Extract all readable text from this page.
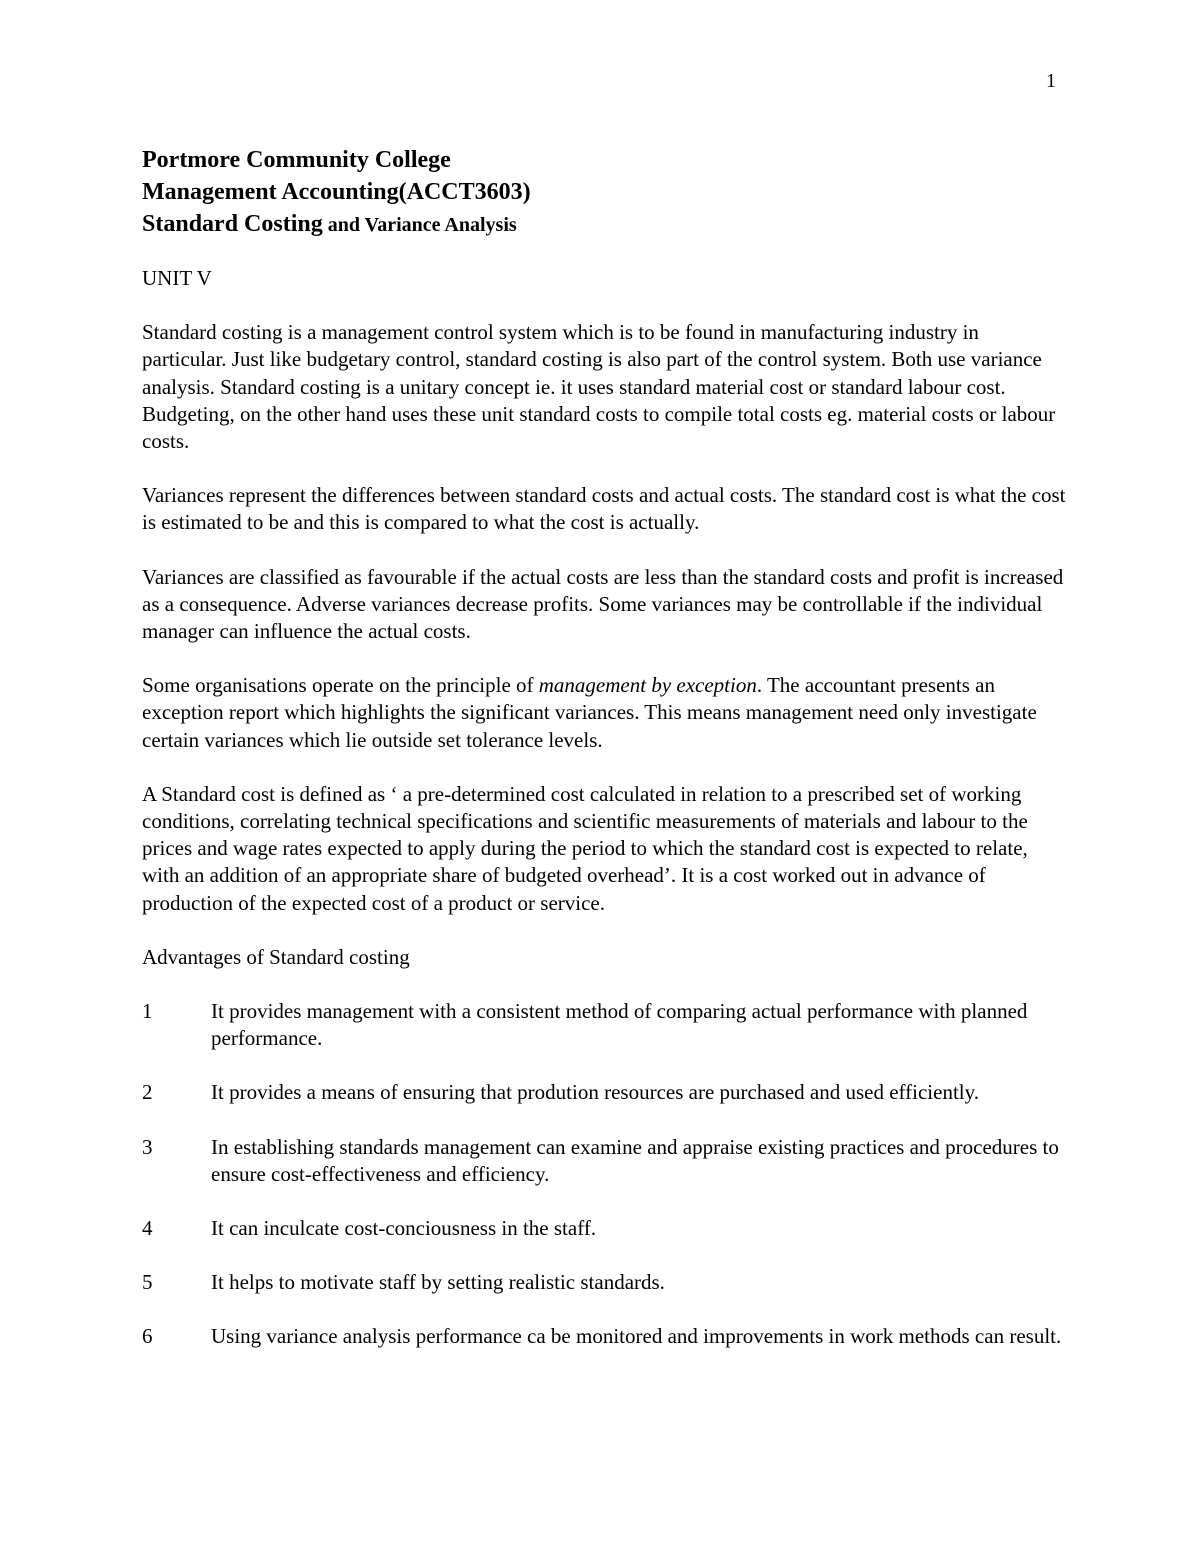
1

Portmore Community College

Management Accounting(ACCT3603)

Standard Costing and Variance Analysis

UNIT V

Standard costing is a management control system which is to be found in manufacturing industry in particular. Just like budgetary control, standard costing is also part of the control system. Both use variance analysis. Standard costing is a unitary concept ie. it uses standard material cost or standard labour cost. Budgeting, on the other hand uses these unit standard costs to compile total costs eg. material costs or labour costs.

Variances represent the differences between standard costs and actual costs. The standard cost is what the cost is estimated to be and this is compared to what the cost is actually.

Variances are classified as favourable if the actual costs are less than the standard costs and profit is increased as a consequence. Adverse variances decrease profits. Some variances may be controllable if the individual manager can influence the actual costs.

Some organisations operate on the principle of management by exception. The accountant presents an exception report which highlights the significant variances. This means management need only investigate certain variances which lie outside set tolerance levels.

A Standard cost is defined as ‘ a pre-determined cost calculated in relation to a prescribed set of working conditions, correlating technical specifications and scientific measurements of materials and labour to the prices and wage rates expected to apply during the period to which the standard cost is expected to relate, with an addition of an appropriate share of budgeted overhead’. It is a cost worked out in advance of production of the expected cost of a product or service.

Advantages of Standard costing

1	It provides management with a consistent method of comparing actual performance with planned performance.
2	It provides a means of ensuring that prodution resources are purchased and used efficiently.
3	In establishing standards management can examine and appraise existing practices and procedures to ensure cost-effectiveness and efficiency.
4	It can inculcate cost-conciousness in the staff.
5	It helps to motivate staff by setting realistic standards.
6	Using variance analysis performance ca be monitored and improvements in work methods can result.
